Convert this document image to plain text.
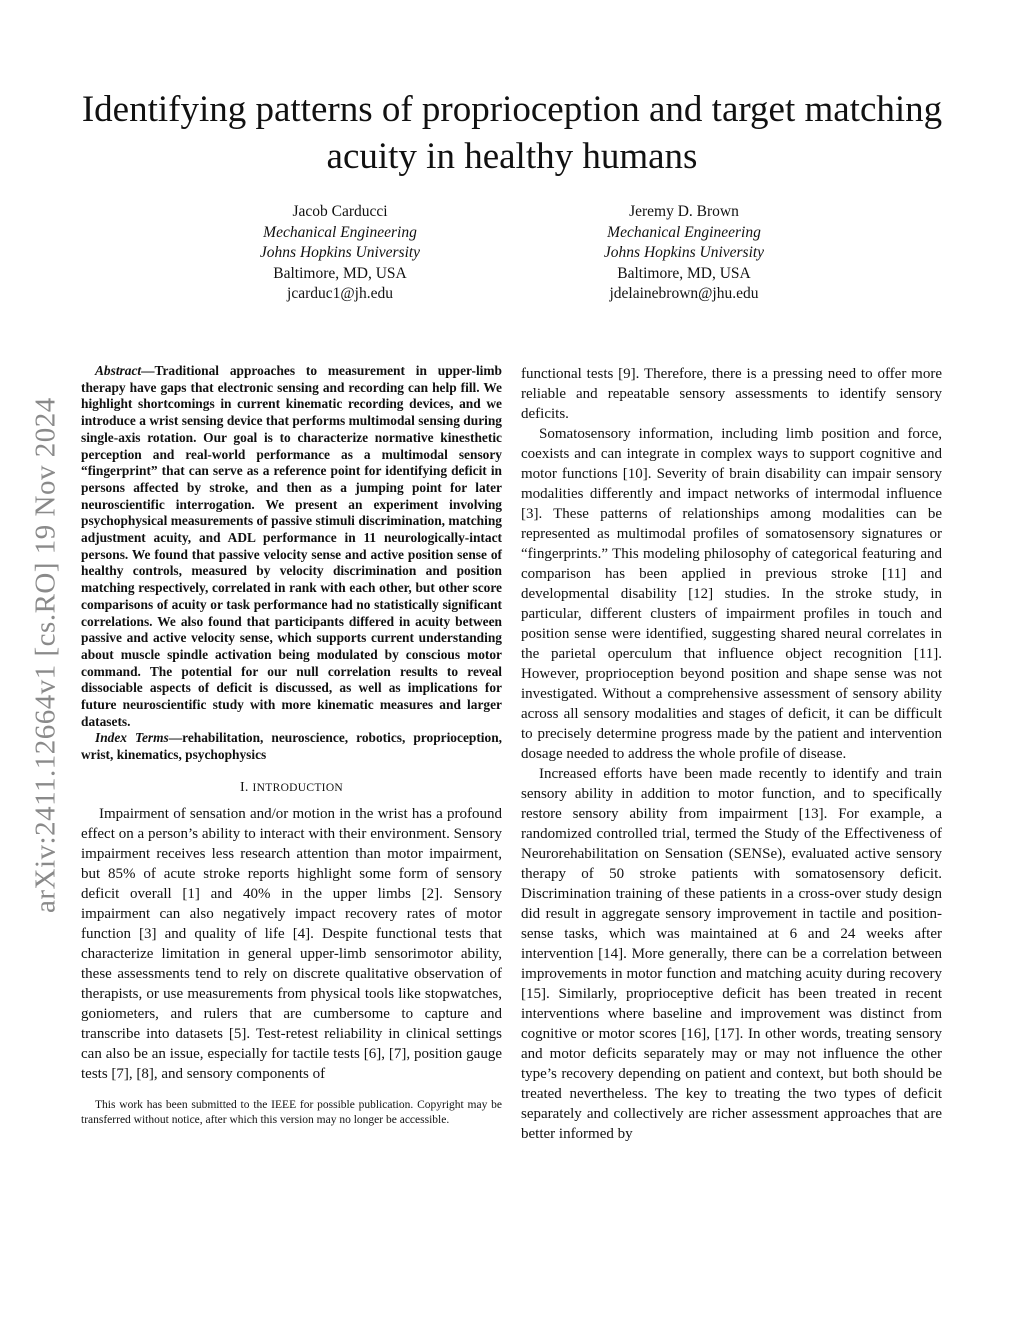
arXiv:2411.12664v1 [cs.RO] 19 Nov 2024
Identifying patterns of proprioception and target matching acuity in healthy humans
Jacob Carducci
Mechanical Engineering
Johns Hopkins University
Baltimore, MD, USA
jcarduc1@jh.edu
Jeremy D. Brown
Mechanical Engineering
Johns Hopkins University
Baltimore, MD, USA
jdelainebrown@jhu.edu

Abstract—Traditional approaches to measurement in upper-limb therapy have gaps that electronic sensing and recording can help fill. We highlight shortcomings in current kinematic recording devices, and we introduce a wrist sensing device that performs multimodal sensing during single-axis rotation. Our goal is to characterize normative kinesthetic perception and real-world performance as a multimodal sensory “fingerprint” that can serve as a reference point for identifying deficit in persons affected by stroke, and then as a jumping point for later neuroscientific interrogation. We present an experiment involving psychophysical measurements of passive stimuli discrimination, matching adjustment acuity, and ADL performance in 11 neurologically-intact persons. We found that passive velocity sense and active position sense of healthy controls, measured by velocity discrimination and position matching respectively, correlated in rank with each other, but other score comparisons of acuity or task performance had no statistically significant correlations. We also found that participants differed in acuity between passive and active velocity sense, which supports current understanding about muscle spindle activation being modulated by conscious motor command. The potential for our null correlation results to reveal dissociable aspects of deficit is discussed, as well as implications for future neuroscientific study with more kinematic measures and larger datasets.

Index Terms—rehabilitation, neuroscience, robotics, proprioception, wrist, kinematics, psychophysics

I. INTRODUCTION

Impairment of sensation and/or motion in the wrist has a profound effect on a person’s ability to interact with their environment. Sensory impairment receives less research attention than motor impairment, but 85% of acute stroke reports highlight some form of sensory deficit overall [1] and 40% in the upper limbs [2]. Sensory impairment can also negatively impact recovery rates of motor function [3] and quality of life [4]. Despite functional tests that characterize limitation in general upper-limb sensorimotor ability, these assessments tend to rely on discrete qualitative observation of therapists, or use measurements from physical tools like stopwatches, goniometers, and rulers that are cumbersome to capture and transcribe into datasets [5]. Test-retest reliability in clinical settings can also be an issue, especially for tactile tests [6], [7], position gauge tests [7], [8], and sensory components of

This work has been submitted to the IEEE for possible publication. Copyright may be transferred without notice, after which this version may no longer be accessible.

functional tests [9]. Therefore, there is a pressing need to offer more reliable and repeatable sensory assessments to identify sensory deficits.

Somatosensory information, including limb position and force, coexists and can integrate in complex ways to support cognitive and motor functions [10]. Severity of brain disability can impair sensory modalities differently and impact networks of intermodal influence [3]. These patterns of relationships among modalities can be represented as multimodal profiles of somatosensory signatures or “fingerprints.” This modeling philosophy of categorical featuring and comparison has been applied in previous stroke [11] and developmental disability [12] studies. In the stroke study, in particular, different clusters of impairment profiles in touch and position sense were identified, suggesting shared neural correlates in the parietal operculum that influence object recognition [11]. However, proprioception beyond position and shape sense was not investigated. Without a comprehensive assessment of sensory ability across all sensory modalities and stages of deficit, it can be difficult to precisely determine progress made by the patient and intervention dosage needed to address the whole profile of disease.

Increased efforts have been made recently to identify and train sensory ability in addition to motor function, and to specifically restore sensory ability from impairment [13]. For example, a randomized controlled trial, termed the Study of the Effectiveness of Neurorehabilitation on Sensation (SENSe), evaluated active sensory therapy of 50 stroke patients with somatosensory deficit. Discrimination training of these patients in a cross-over study design did result in aggregate sensory improvement in tactile and position-sense tasks, which was maintained at 6 and 24 weeks after intervention [14]. More generally, there can be a correlation between improvements in motor function and matching acuity during recovery [15]. Similarly, proprioceptive deficit has been treated in recent interventions where baseline and improvement was distinct from cognitive or motor scores [16], [17]. In other words, treating sensory and motor deficits separately may or may not influence the other type’s recovery depending on patient and context, but both should be treated nevertheless. The key to treating the two types of deficit separately and collectively are richer assessment approaches that are better informed by
